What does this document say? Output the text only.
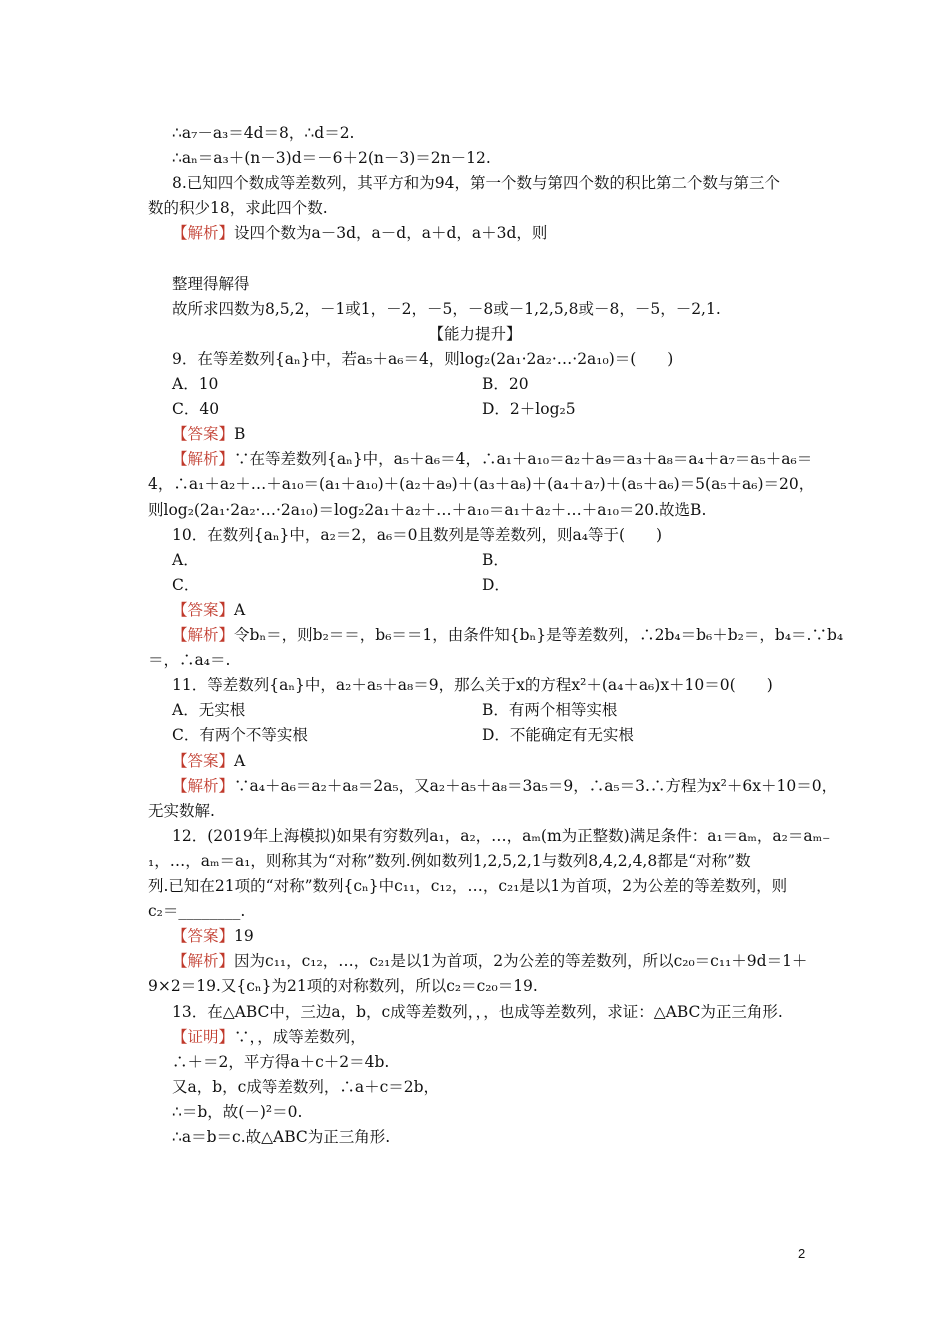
∴a₇－a₃＝4d＝8，∴d＝2.
∴aₙ＝a₃＋(n－3)d＝－6＋2(n－3)＝2n－12.
8.已知四个数成等差数列，其平方和为94，第一个数与第四个数的积比第二个数与第三个
数的积少18，求此四个数.
【解析】设四个数为a－3d，a－d，a＋d，a＋3d，则
整理得解得
故所求四数为8,5,2，－1或1，－2，－5，－8或－1,2,5,8或－8，－5，－2,1.
【能力提升】
9．在等差数列{aₙ}中，若a₅＋a₆＝4，则log₂(2a₁·2a₂·…·2a₁₀)＝(　　)
A．10	B．20
C．40	D．2＋log₂5
【答案】B
【解析】∵在等差数列{aₙ}中，a₅＋a₆＝4，∴a₁＋a₁₀＝a₂＋a₉＝a₃＋a₈＝a₄＋a₇＝a₅＋a₆＝
4，∴a₁＋a₂＋…＋a₁₀＝(a₁＋a₁₀)＋(a₂＋a₉)＋(a₃＋a₈)＋(a₄＋a₇)＋(a₅＋a₆)＝5(a₅＋a₆)＝20，
则log₂(2a₁·2a₂·…·2a₁₀)＝log₂2a₁＋a₂＋…＋a₁₀＝a₁＋a₂＋…＋a₁₀＝20.故选B.
10．在数列{aₙ}中，a₂＝2，a₆＝0且数列是等差数列，则a₄等于(　　)
A．	B．
C．	D．
【答案】A
【解析】令bₙ＝，则b₂＝＝，b₆＝＝1，由条件知{bₙ}是等差数列，∴2b₄＝b₆＋b₂＝，b₄＝.∵b₄
＝，∴a₄＝.
11．等差数列{aₙ}中，a₂＋a₅＋a₈＝9，那么关于x的方程x²＋(a₄＋a₆)x＋10＝0(　　)
A．无实根	B．有两个相等实根
C．有两个不等实根	D．不能确定有无实根
【答案】A
【解析】∵a₄＋a₆＝a₂＋a₈＝2a₅，又a₂＋a₅＋a₈＝3a₅＝9，∴a₅＝3.∴方程为x²＋6x＋10＝0，
无实数解.
12．(2019年上海模拟)如果有穷数列a₁，a₂，…，aₘ(m为正整数)满足条件：a₁＝aₘ，a₂＝aₘ₋
₁，…，aₘ＝a₁，则称其为“对称”数列.例如数列1,2,5,2,1与数列8,4,2,4,8都是“对称”数
列.已知在21项的“对称”数列{cₙ}中c₁₁，c₁₂，…，c₂₁是以1为首项，2为公差的等差数列，则
c₂＝________.
【答案】19
【解析】因为c₁₁，c₁₂，…，c₂₁是以1为首项，2为公差的等差数列，所以c₂₀＝c₁₁＋9d＝1＋
9×2＝19.又{cₙ}为21项的对称数列，所以c₂＝c₂₀＝19.
13．在△ABC中，三边a，b，c成等差数列，，，也成等差数列，求证：△ABC为正三角形.
【证明】∵，，成等差数列，
∴＋＝2，平方得a＋c＋2＝4b.
又a，b，c成等差数列，∴a＋c＝2b，
∴＝b，故(－)²＝0.
∴a＝b＝c.故△ABC为正三角形.
2
